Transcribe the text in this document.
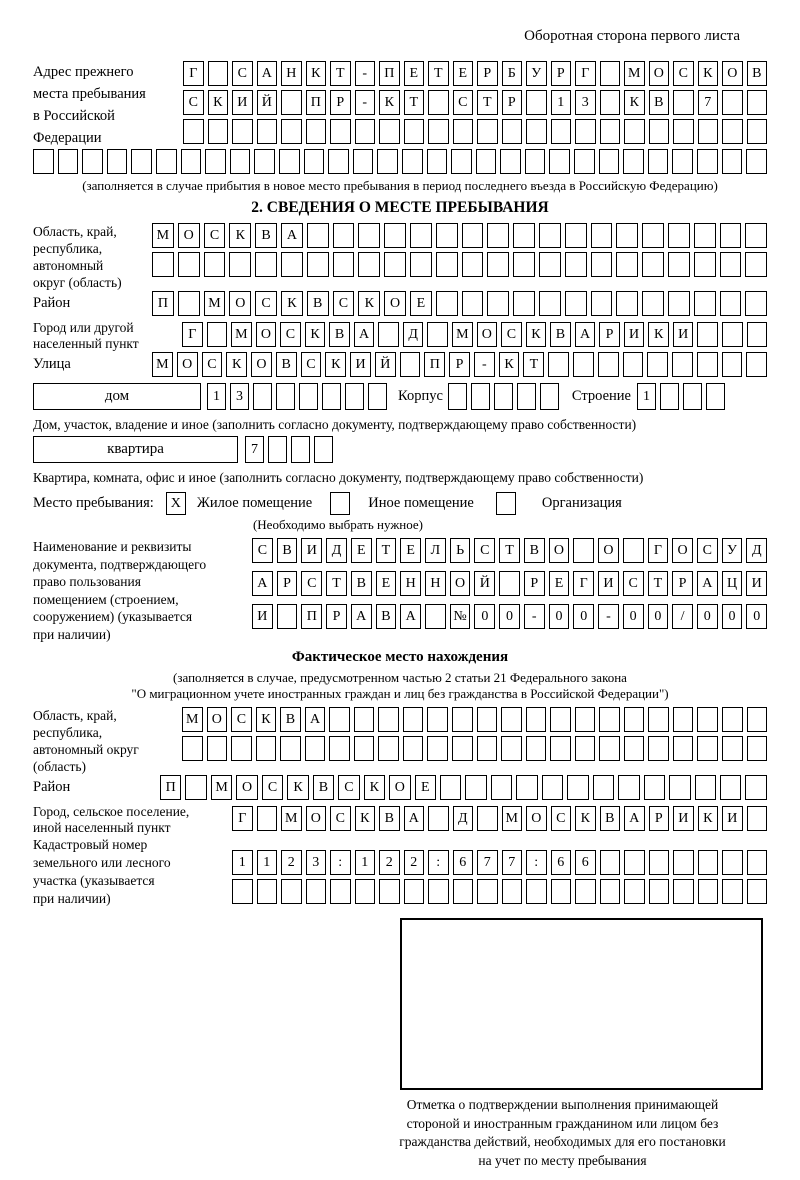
Оборотная сторона первого листа
Адрес прежнего
места пребывания
в Российской
Федерации
Г	С	А	Н	К	Т	-	П	Е	Т	Е	Р	Б	У	Р	Г	М О	С	К	О	В
С	К	И	Й	П	Р	-	К	Т	С	Т	Р	1	3	К	В	7
(заполняется в случае прибытия в новое место пребывания в период последнего въезда в Российскую Федерацию)
2. СВЕДЕНИЯ О МЕСТЕ ПРЕБЫВАНИЯ
Область, край,
республика,
автономный
округ (область)
М	О	С	К	В	А
Район	П	М	О	С	К	В	С	К	О	Е
Город или другой
населенный пункт
Г	М О	С	К	В	А	Д	М О	С	К	В	А	Р	И	К	И
Улица	М О	С	К	О	В	С	К	И	Й	П	Р	-	К	Т
дом	1	3	Корпус	Строение 1
Дом, участок, владение и иное (заполнить согласно документу, подтверждающему право собственности)
квартира	7
Квартира, комната, офис и иное (заполнить согласно документу, подтверждающему право собственности)
Место пребывания:	X	Жилое помещение	Иное помещение	Организация
(Необходимо выбрать нужное)
Наименование и реквизиты
документа, подтверждающего
право пользования
помещением (строением,
сооружением) (указывается
при наличии)
С	В	И	Д	Е	Т	Е	Л	Ь	С	Т	В	О	О	Г	О	С	У	Д
А	Р	С	Т	В	Е	Н	Н	О	Й	Р	Е	Г	И	С	Т	Р	А	Ц	И
И	П	Р	А	В	А	№	0	0	-	0	0	-	0	0	/	0	0	0
Фактическое место нахождения
(заполняется в случае, предусмотренном частью 2 статьи 21 Федерального закона
"О миграционном учете иностранных граждан и лиц без гражданства в Российской Федерации")
Область, край,
республика,
автономный округ
(область)
М О	С	К	В	А
Район	П	М	О	С	К	В	С	К	О	Е
Город, сельское поселение,
иной населенный пункт
Г	М О	С	К	В	А	Д	М О	С	К	В	А	Р	И	К	И
Кадастровый номер
земельного или лесного
участка (указывается
при наличии)
1	1	2	3	:	1	2	2	:	6	7	7	:	6	6
Отметка о подтверждении выполнения принимающей
стороной и иностранным гражданином или лицом без
гражданства действий, необходимых для его постановки
на учет по месту пребывания
